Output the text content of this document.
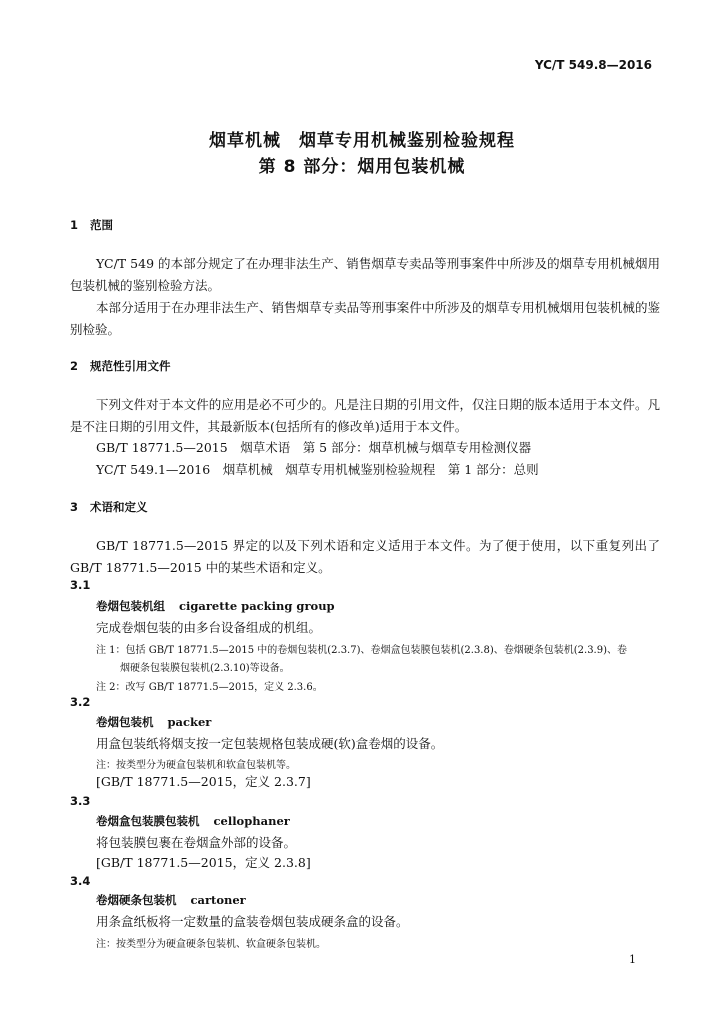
YC/T 549.8—2016
烟草机械　烟草专用机械鉴别检验规程
第 8 部分：烟用包装机械
1 范围
YC/T 549 的本部分规定了在办理非法生产、销售烟草专卖品等刑事案件中所涉及的烟草专用机械烟用包装机械的鉴别检验方法。
本部分适用于在办理非法生产、销售烟草专卖品等刑事案件中所涉及的烟草专用机械烟用包装机械的鉴别检验。
2 规范性引用文件
下列文件对于本文件的应用是必不可少的。凡是注日期的引用文件，仅注日期的版本适用于本文件。凡是不注日期的引用文件，其最新版本(包括所有的修改单)适用于本文件。
GB/T 18771.5—2015　烟草术语　第 5 部分：烟草机械与烟草专用检测仪器
YC/T 549.1—2016　烟草机械　烟草专用机械鉴别检验规程　第 1 部分：总则
3 术语和定义
GB/T 18771.5—2015 界定的以及下列术语和定义适用于本文件。为了便于使用，以下重复列出了GB/T 18771.5—2015 中的某些术语和定义。
3.1
卷烟包装机组 cigarette packing group
完成卷烟包装的由多台设备组成的机组。
注 1：包括 GB/T 18771.5—2015 中的卷烟包装机(2.3.7)、卷烟盒包装膜包装机(2.3.8)、卷烟硬条包装机(2.3.9)、卷
烟硬条包装膜包装机(2.3.10)等设备。
注 2：改写 GB/T 18771.5—2015，定义 2.3.6。
3.2
卷烟包装机 packer
用盒包装纸将烟支按一定包装规格包装成硬(软)盒卷烟的设备。
注：按类型分为硬盒包装机和软盒包装机等。
[GB/T 18771.5—2015，定义 2.3.7]
3.3
卷烟盒包装膜包装机 cellophaner
将包装膜包裹在卷烟盒外部的设备。
[GB/T 18771.5—2015，定义 2.3.8]
3.4
卷烟硬条包装机 cartoner
用条盒纸板将一定数量的盒装卷烟包装成硬条盒的设备。
注：按类型分为硬盒硬条包装机、软盒硬条包装机。
1
